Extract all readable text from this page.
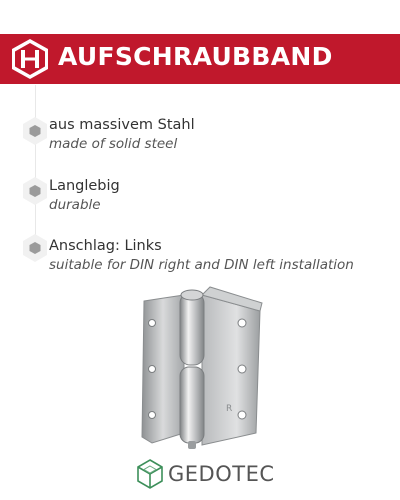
AUFSCHRAUBBAND
aus massivem Stahl
made of solid steel
Langlebig
durable
Anschlag: Links
suitable for DIN right and DIN left installation
R
GEDOTEC
